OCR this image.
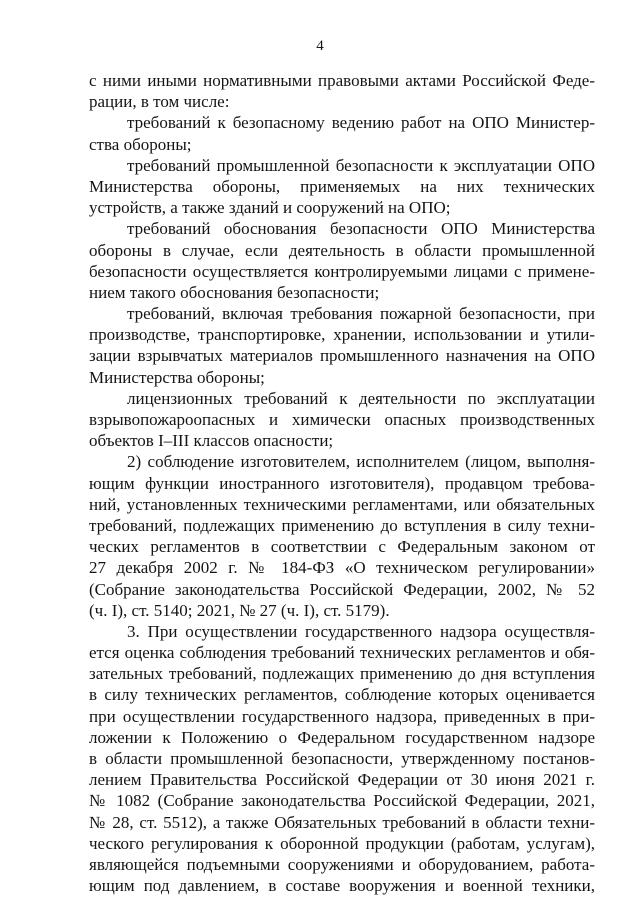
4
с ними иными нормативными правовыми актами Российской Феде-
рации, в том числе:
требований к безопасному ведению работ на ОПО Министер-
ства обороны;
требований промышленной безопасности к эксплуатации ОПО
Министерства обороны, применяемых на них технических
устройств, а также зданий и сооружений на ОПО;
требований обоснования безопасности ОПО Министерства
обороны в случае, если деятельность в области промышленной
безопасности осуществляется контролируемыми лицами с примене-
нием такого обоснования безопасности;
требований, включая требования пожарной безопасности, при
производстве, транспортировке, хранении, использовании и утили-
зации взрывчатых материалов промышленного назначения на ОПО
Министерства обороны;
лицензионных требований к деятельности по эксплуатации
взрывопожароопасных и химически опасных производственных
объектов I–III классов опасности;
2) соблюдение изготовителем, исполнителем (лицом, выполня-
ющим функции иностранного изготовителя), продавцом требова-
ний, установленных техническими регламентами, или обязательных
требований, подлежащих применению до вступления в силу техни-
ческих регламентов в соответствии с Федеральным законом от
27 декабря 2002 г. № 184-ФЗ «О техническом регулировании»
(Собрание законодательства Российской Федерации, 2002, № 52
(ч. I), ст. 5140; 2021, № 27 (ч. I), ст. 5179).
3. При осуществлении государственного надзора осуществля-
ется оценка соблюдения требований технических регламентов и обя-
зательных требований, подлежащих применению до дня вступления
в силу технических регламентов, соблюдение которых оценивается
при осуществлении государственного надзора, приведенных в при-
ложении к Положению о Федеральном государственном надзоре
в области промышленной безопасности, утвержденному постанов-
лением Правительства Российской Федерации от 30 июня 2021 г.
№ 1082 (Собрание законодательства Российской Федерации, 2021,
№ 28, ст. 5512), а также Обязательных требований в области техни-
ческого регулирования к оборонной продукции (работам, услугам),
являющейся подъемными сооружениями и оборудованием, работа-
ющим под давлением, в составе вооружения и военной техники,
